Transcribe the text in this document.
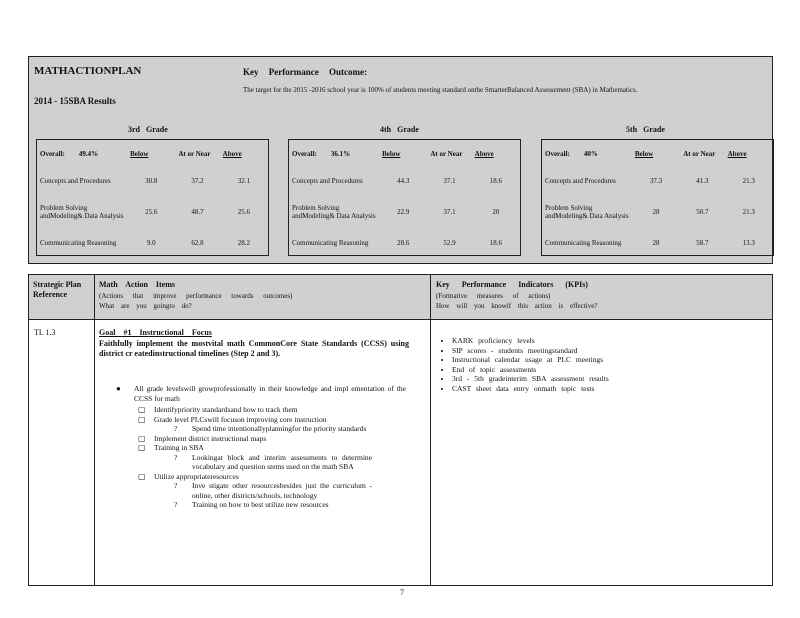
MATHACTIONPLAN
2014 - 15SBA Results
Key Performance Outcome:
The target for the 2015 -2016 school year is 100% of students meeting standard onthe SmarterBalanced Assessement (SBA) in Mathematics.
3rd Grade
Overall: 49.4%	Below	At or Near	Above
Concepts and Procedures	30.8	37.2	32.1
Problem Solving andModeling& Data Analysis	25.6	48.7	25.6
Communicating Reasoning	9.0	62.8	28.2
4th Grade
Overall: 36.1%	Below	At or Near	Above
Concepts and Procedures	44.3	37.1	18.6
Problem Solving andModeling& Data Analysis	22.9	37.1	20
Communicating Reasoning	28.6	52.9	18.6
5th Grade
Overall: 40%	Below	At or Near	Above
Concepts and Procedures	37.3	41.3	21.3
Problem Solving andModeling& Data Analysis	28	50.7	21.3
Communicating Reasoning	28	58.7	13.3
Strategic Plan Reference
Math Action Items
(Actions that improve performance towards outcomes)
What are you goingto do?
Key Performance Indicators (KPIs)
(Formative measures of actions)
How will you knowif this action is effective?
TL 1.3	Goal #1 Instructional Focus
Faithfully implement the mostvital math CommonCore State Standards (CCSS) using district cr eatedinstructional timelines (Step 2 and 3).
● All grade levelswill growprofessionally in their knowledge and impl ementation of the CCSS for math
▢ Identifypriority standardsand how to track them
▢ Grade level PLCswill focuson improving core instruction
? Spend time intentionallyplanningfor the priority standards
▢ Implement district instructional maps
▢ Training in SBA
? Lookingat block and interim assessments to determine vocabulary and question stems used on the math SBA
▢ Utilize appropriateresources
? Inve stigate other resourcesbesides just the curriculum - online, other districts/schools, technology
? Training on how to best utilize new resources
• KARK proficiency levels
• SIP scores - students meetingstandard
• Instructional calendar usage at PLC meetings
• End of topic assessments
• 3rd - 5th gradeinterim SBA assessment results
• CAST sheet data entry onmath topic tests
7
